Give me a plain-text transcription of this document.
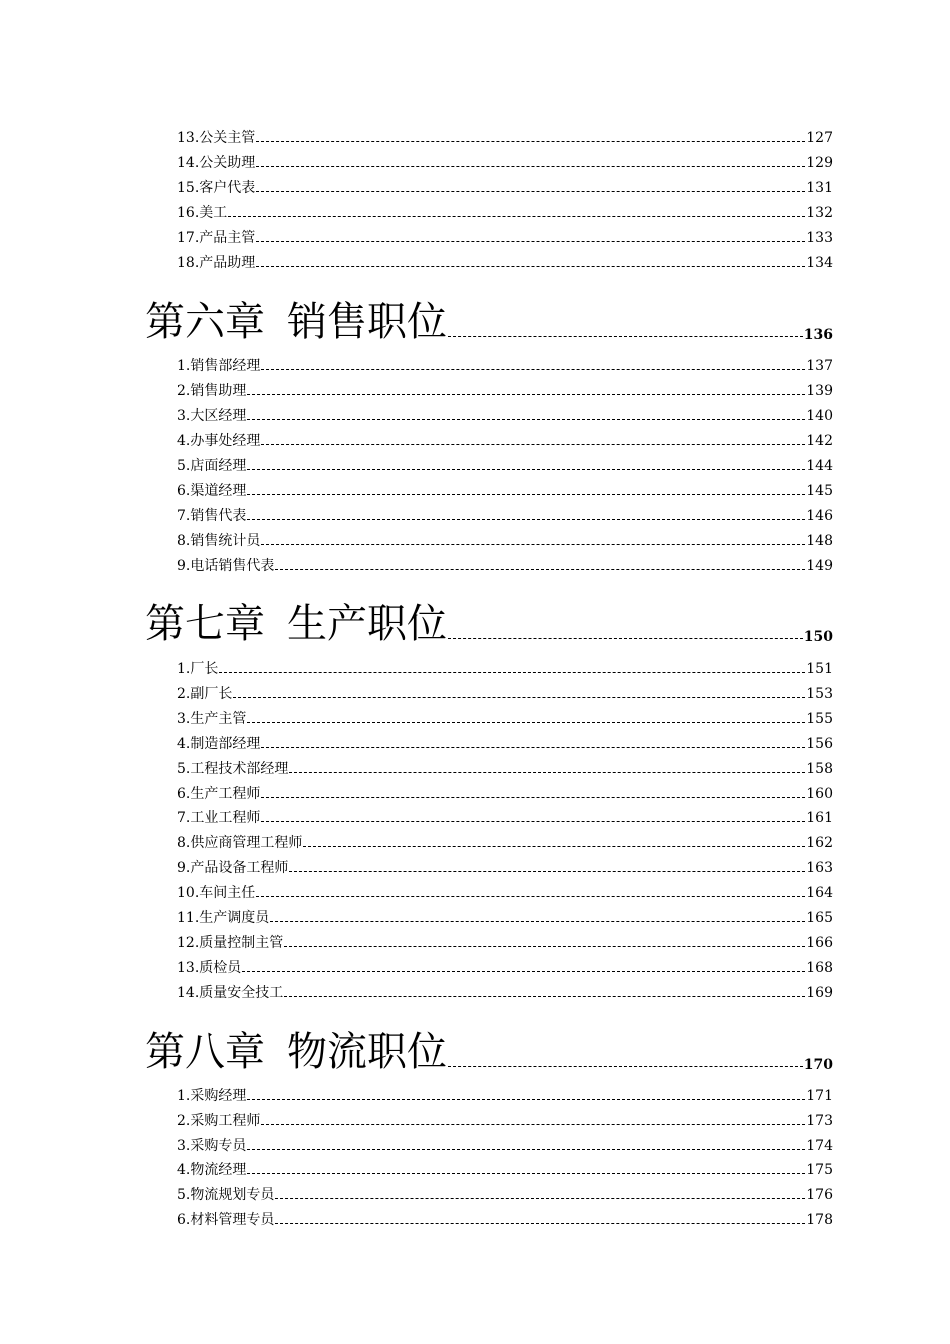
13.公关主管	127
14.公关助理	129
15.客户代表	131
16.美工	132
17.产品主管	133
18.产品助理	134
第六章 销售职位	136
1.销售部经理	137
2.销售助理	139
3.大区经理	140
4.办事处经理	142
5.店面经理	144
6.渠道经理	145
7.销售代表	146
8.销售统计员	148
9.电话销售代表	149
第七章 生产职位	150
1.厂长	151
2.副厂长	153
3.生产主管	155
4.制造部经理	156
5.工程技术部经理	158
6.生产工程师	160
7.工业工程师	161
8.供应商管理工程师	162
9.产品设备工程师	163
10.车间主任	164
11.生产调度员	165
12.质量控制主管	166
13.质检员	168
14.质量安全技工	169
第八章 物流职位	170
1.采购经理	171
2.采购工程师	173
3.采购专员	174
4.物流经理	175
5.物流规划专员	176
6.材料管理专员	178
